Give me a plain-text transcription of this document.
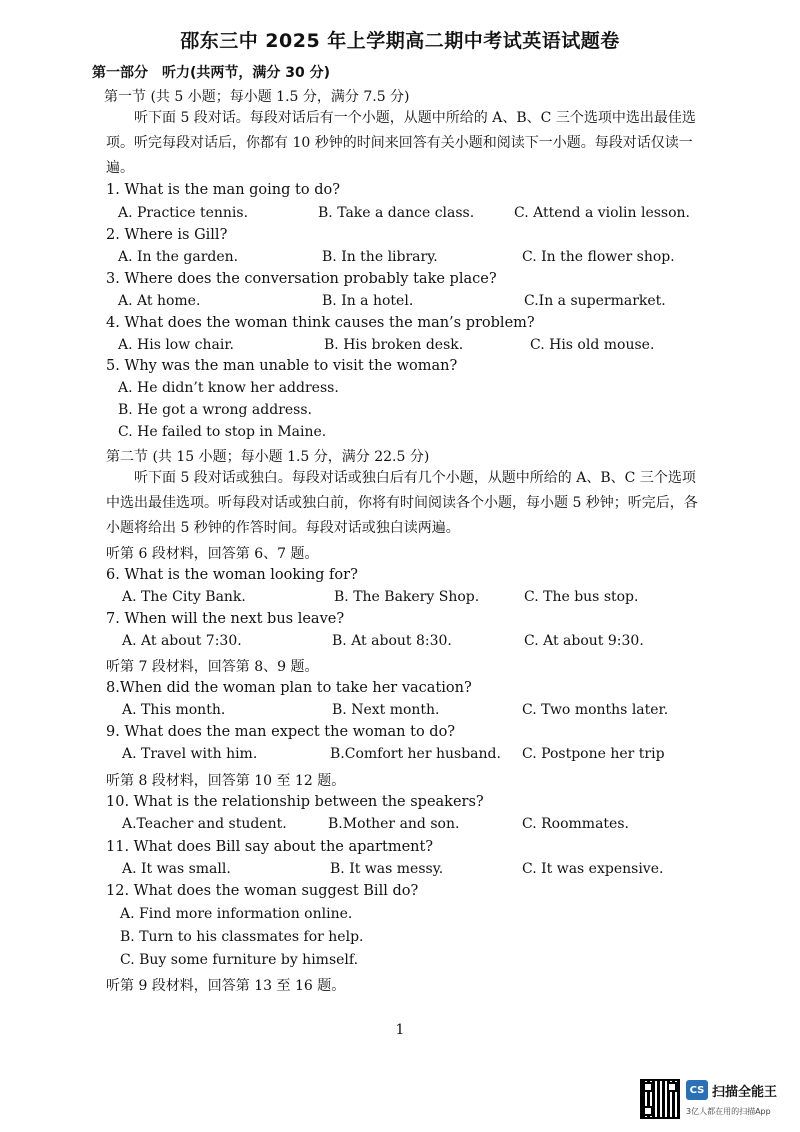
邵东三中 2025 年上学期高二期中考试英语试题卷
第一部分　听力(共两节，满分 30 分)
第一节 (共 5 小题；每小题 1.5 分，满分 7.5 分)
听下面 5 段对话。每段对话后有一个小题，从题中所给的 A、B、C 三个选项中选出最佳选项。听完每段对话后，你都有 10 秒钟的时间来回答有关小题和阅读下一小题。每段对话仅读一遍。
1. What is the man going to do?
A. Practice tennis.	B. Take a dance class.	C. Attend a violin lesson.
2. Where is Gill?
A. In the garden.	B. In the library.	C. In the flower shop.
3. Where does the conversation probably take place?
A. At home.	B. In a hotel.	C.In a supermarket.
4. What does the woman think causes the man’s problem?
A. His low chair.	B. His broken desk.	C. His old mouse.
5. Why was the man unable to visit the woman?
A. He didn’t know her address.
B. He got a wrong address.
C. He failed to stop in Maine.
第二节 (共 15 小题；每小题 1.5 分，满分 22.5 分)
听下面 5 段对话或独白。每段对话或独白后有几个小题，从题中所给的 A、B、C 三个选项中选出最佳选项。听每段对话或独白前，你将有时间阅读各个小题，每小题 5 秒钟；听完后，各小题将给出 5 秒钟的作答时间。每段对话或独白读两遍。
听第 6 段材料，回答第 6、7 题。
6. What is the woman looking for?
A. The City Bank.	B. The Bakery Shop.	C. The bus stop.
7. When will the next bus leave?
A. At about 7:30.	B. At about 8:30.	C. At about 9:30.
听第 7 段材料，回答第 8、9 题。
8.When did the woman plan to take her vacation?
A. This month.	B. Next month.	C. Two months later.
9. What does the man expect the woman to do?
A. Travel with him.	B.Comfort her husband. C. Postpone her trip
听第 8 段材料，回答第 10 至 12 题。
10. What is the relationship between the speakers?
A.Teacher and student.	B.Mother and son.	C. Roommates.
11. What does Bill say about the apartment?
A. It was small.	B. It was messy.	C. It was expensive.
12. What does the woman suggest Bill do?
A. Find more information online.
B. Turn to his classmates for help.
C. Buy some furniture by himself.
听第 9 段材料，回答第 13 至 16 题。
1
CS 扫描全能王
3亿人都在用的扫描App
